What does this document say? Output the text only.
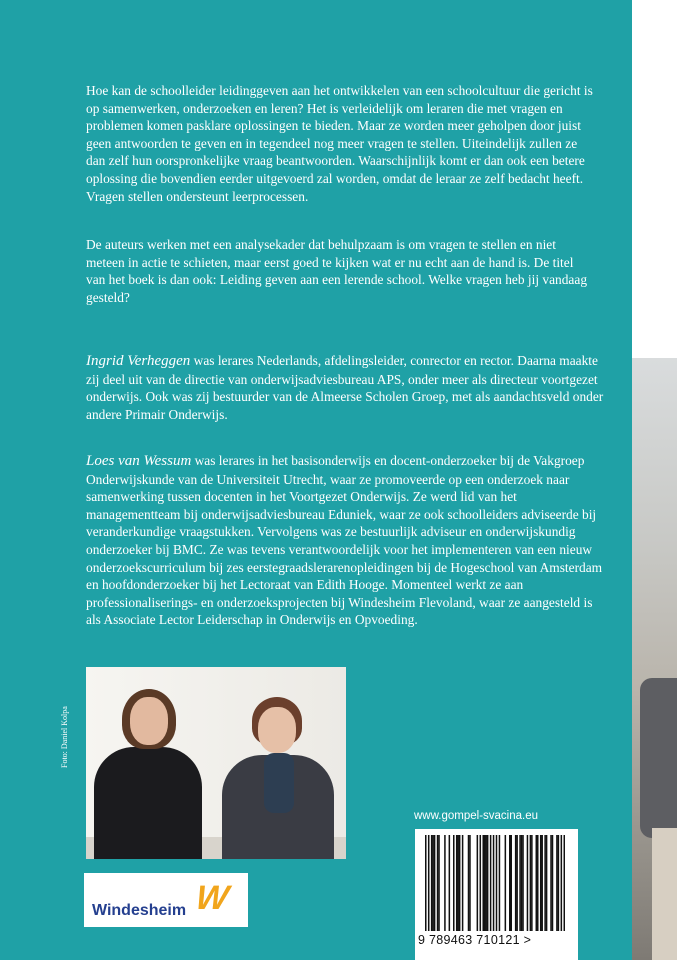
Hoe kan de schoolleider leidinggeven aan het ontwikkelen van een schoolcultuur die gericht is op samenwerken, onderzoeken en leren? Het is verleidelijk om leraren die met vragen en problemen komen pasklare oplossingen te bieden. Maar ze worden meer geholpen door juist geen antwoorden te geven en in tegendeel nog meer vragen te stellen. Uiteindelijk zullen ze dan zelf hun oorspronkelijke vraag beantwoorden. Waarschijnlijk komt er dan ook een betere oplossing die bovendien eerder uitgevoerd zal worden, omdat de leraar ze zelf bedacht heeft. Vragen stellen ondersteunt leerprocessen.
De auteurs werken met een analysekader dat behulpzaam is om vragen te stellen en niet meteen in actie te schieten, maar eerst goed te kijken wat er nu echt aan de hand is. De titel van het boek is dan ook: Leiding geven aan een lerende school. Welke vragen heb jij vandaag gesteld?
Ingrid Verheggen was lerares Nederlands, afdelingsleider, conrector en rector. Daarna maakte zij deel uit van de directie van onderwijsadviesbureau APS, onder meer als directeur voortgezet onderwijs. Ook was zij bestuurder van de Almeerse Scholen Groep, met als aandachtsveld onder andere Primair Onderwijs.
Loes van Wessum was lerares in het basisonderwijs en docent-onderzoeker bij de Vakgroep Onderwijskunde van de Universiteit Utrecht, waar ze promoveerde op een onderzoek naar samenwerking tussen docenten in het Voortgezet Onderwijs. Ze werd lid van het managementteam bij onderwijsadviesbureau Eduniek, waar ze ook schoolleiders adviseerde bij veranderkundige vraagstukken. Vervolgens was ze bestuurlijk adviseur en onderwijskundig onderzoeker bij BMC. Ze was tevens verantwoordelijk voor het implementeren van een nieuw onderzoekscurriculum bij zes eerstegraadslerarenopleidingen bij de Hogeschool van Amsterdam en hoofdonderzoeker bij het Lectoraat van Edith Hooge. Momenteel werkt ze aan professionaliserings- en onderzoeksprojecten bij Windesheim Flevoland, waar ze aangesteld is als Associate Lector Leiderschap in Onderwijs en Opvoeding.
Foto: Daniel Kolpa
W
Windesheim
www.gompel-svacina.eu
9 789463 710121 >
